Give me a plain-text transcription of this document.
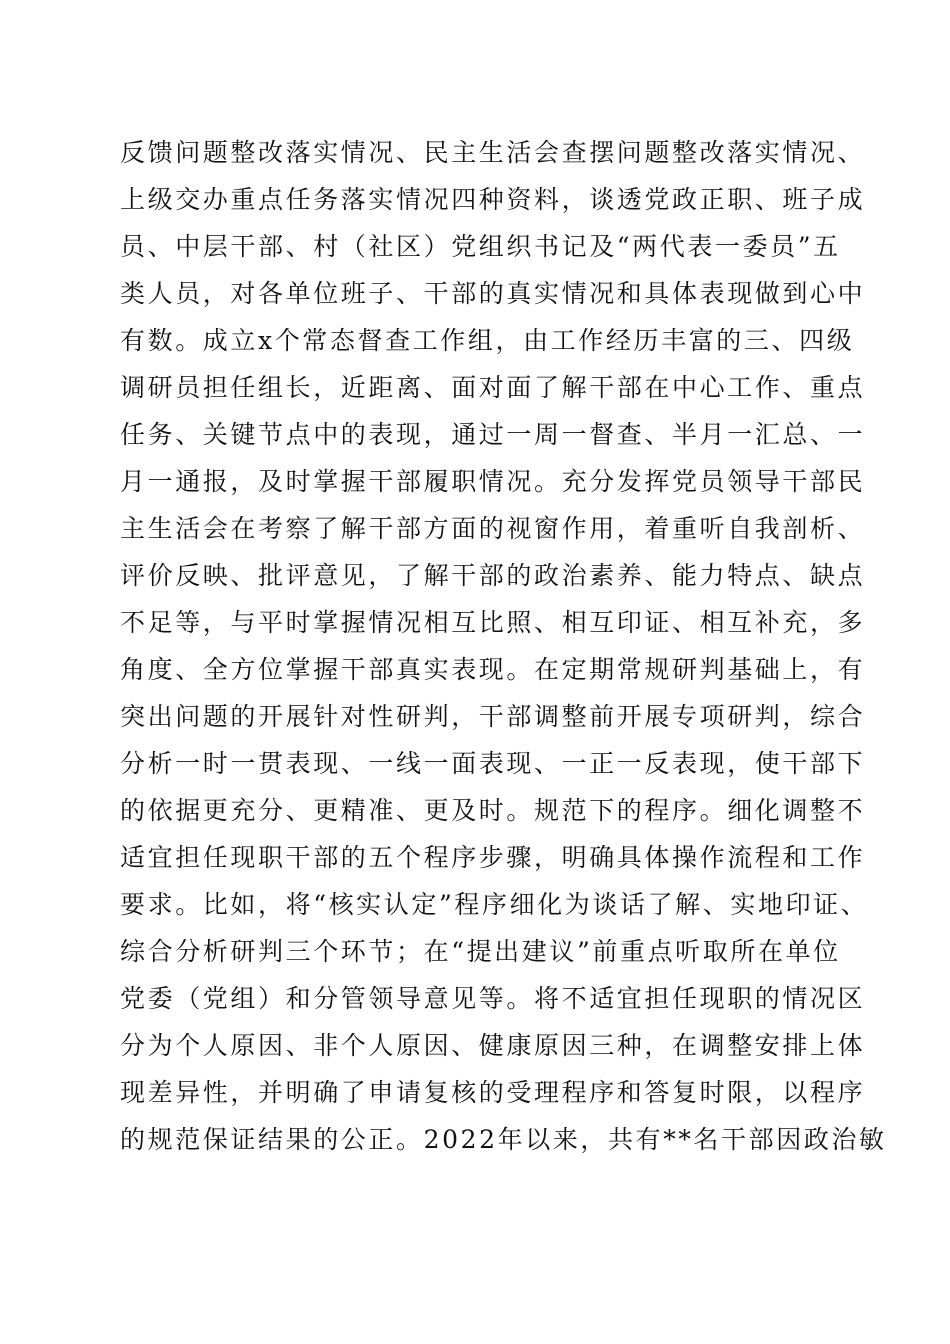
反馈问题整改落实情况、民主生活会查摆问题整改落实情况、
上级交办重点任务落实情况四种资料，谈透党政正职、班子成
员、中层干部、村（社区）党组织书记及“两代表一委员”五
类人员，对各单位班子、干部的真实情况和具体表现做到心中
有数。成立x个常态督查工作组，由工作经历丰富的三、四级
调研员担任组长，近距离、面对面了解干部在中心工作、重点
任务、关键节点中的表现，通过一周一督查、半月一汇总、一
月一通报，及时掌握干部履职情况。充分发挥党员领导干部民
主生活会在考察了解干部方面的视窗作用，着重听自我剖析、
评价反映、批评意见，了解干部的政治素养、能力特点、缺点
不足等，与平时掌握情况相互比照、相互印证、相互补充，多
角度、全方位掌握干部真实表现。在定期常规研判基础上，有
突出问题的开展针对性研判，干部调整前开展专项研判，综合
分析一时一贯表现、一线一面表现、一正一反表现，使干部下
的依据更充分、更精准、更及时。规范下的程序。细化调整不
适宜担任现职干部的五个程序步骤，明确具体操作流程和工作
要求。比如，将“核实认定”程序细化为谈话了解、实地印证、
综合分析研判三个环节；在“提出建议”前重点听取所在单位
党委（党组）和分管领导意见等。将不适宜担任现职的情况区
分为个人原因、非个人原因、健康原因三种，在调整安排上体
现差异性，并明确了申请复核的受理程序和答复时限，以程序
的规范保证结果的公正。2022年以来，共有**名干部因政治敏
